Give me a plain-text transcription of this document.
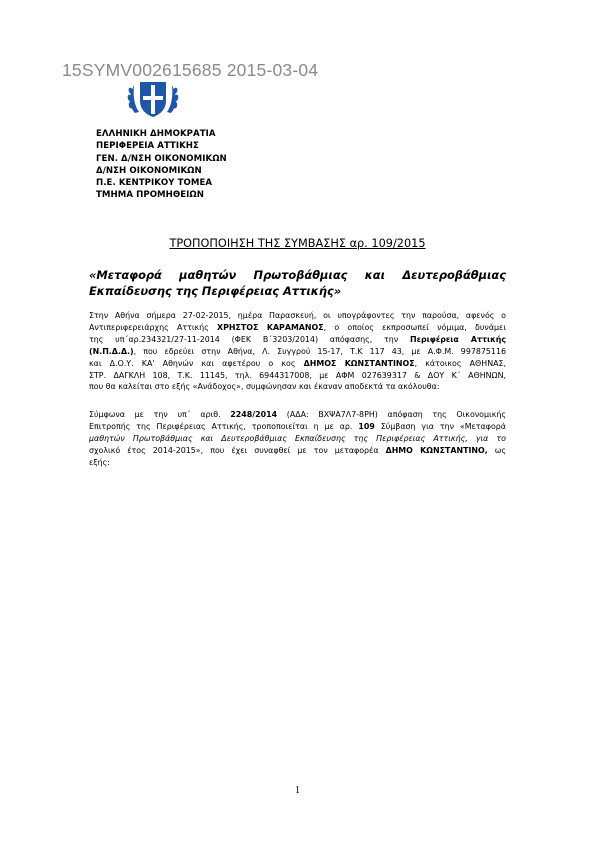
15SYMV002615685 2015-03-04
ΕΛΛΗΝΙΚΗ ΔΗΜΟΚΡΑΤΙΑ
ΠΕΡΙΦΕΡΕΙΑ ΑΤΤΙΚΗΣ
ΓΕΝ. Δ/ΝΣΗ ΟΙΚΟΝΟΜΙΚΩΝ
Δ/ΝΣΗ ΟΙΚΟΝΟΜΙΚΩΝ
Π.Ε. ΚΕΝΤΡΙΚΟΥ ΤΟΜΕΑ
ΤΜΗΜΑ ΠΡΟΜΗΘΕΙΩΝ
ΤΡΟΠΟΠΟΙΗΣΗ ΤΗΣ ΣΥΜΒΑΣΗΣ αρ. 109/2015
«Μεταφορά μαθητών Πρωτοβάθμιας και Δευτεροβάθμιας
Εκπαίδευσης της Περιφέρειας Αττικής»
Στην Αθήνα σήμερα 27-02-2015, ημέρα Παρασκευή, οι υπογράφοντες την παρούσα, αφενός ο
Αντιπεριφερειάρχης Αττικής ΧΡΗΣΤΟΣ ΚΑΡΑΜΑΝΟΣ, ο οποίος εκπροσωπεί νόμιμα, δυνάμει
της υπ΄αρ.234321/27-11-2014 (ΦΕΚ Β΄3203/2014) απόφασης, την Περιφέρεια Αττικής
(Ν.Π.Δ.Δ.), που εδρεύει στην Αθήνα, Λ. Συγγρού 15-17, Τ.Κ 117 43, με Α.Φ.Μ. 997875116
και Δ.Ο.Υ. ΚΑ' Αθηνών και αφετέρου ο κος ΔΗΜΟΣ ΚΩΝΣΤΑΝΤΙΝΟΣ, κάτοικος ΑΘΗΝΑΣ,
ΣΤΡ. ΔΑΓΚΛΗ 108, Τ.Κ. 11145, τηλ. 6944317008, με ΑΦΜ 027639317 & ΔΟΥ Κ΄ ΑΘΗΝΩΝ,
που θα καλείται στο εξής «Ανάδοχος», συμφώνησαν και έκαναν αποδεκτά τα ακόλουθα:
Σύμφωνα με την υπ΄ αριθ. 2248/2014 (ΑΔΑ: ΒΧΨΑ7Λ7-8ΡΗ) απόφαση της Οικονομικής
Επιτροπής της Περιφέρειας Αττικής, τροποποιείται η με αρ. 109 Σύμβαση για την «Μεταφορά
μαθητών Πρωτοβάθμιας και Δευτεροβάθμιας Εκπαίδευσης της Περιφέρειας Αττικής, για το
σχολικό έτος 2014-2015», που έχει συναφθεί με τον μεταφορέα ΔΗΜΟ ΚΩΝΣΤΑΝΤΙΝΟ, ως
εξής:
1
